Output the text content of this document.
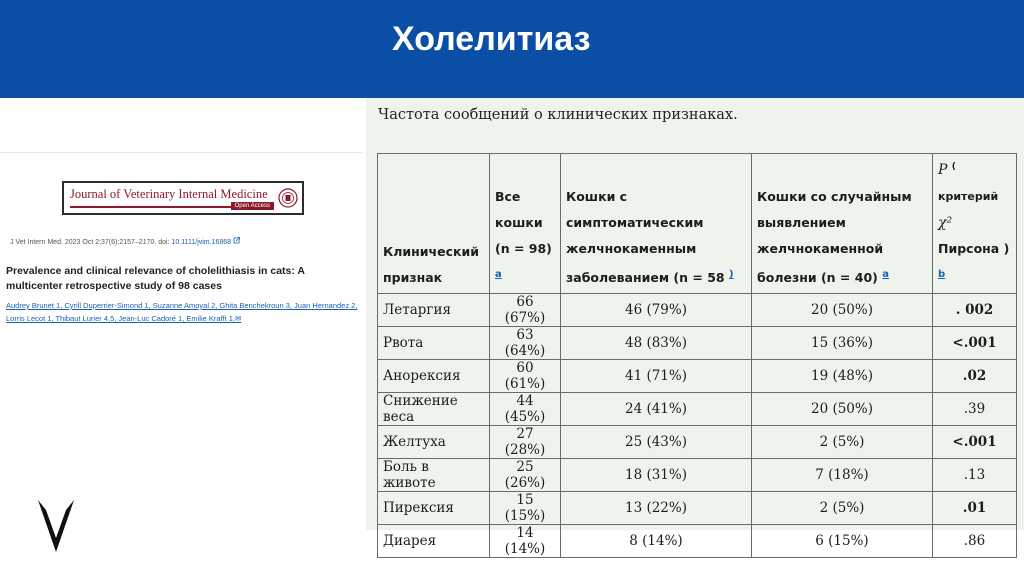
Холелитиаз
Journal of Veterinary Internal Medicine
Open Access
J Vet Intern Med. 2023 Oct 2;37(6):2157–2170. doi: 10.1111/jvim.16868
Prevalence and clinical relevance of cholelithiasis in cats: A multicenter retrospective study of 98 cases
Audrey Brunet 1, Cyrill Duperrier-Simond 1, Suzanne Amoyal 2, Ghita Benchekroun 3, Juan Hernandez 2, Lorris Lecot 1, Thibaut Lurier 4,5, Jean-Luc Cadoré 1, Emilie Krafft 1,✉
Частота сообщений о клинических признаках.
Клинический признак	Все кошки (n = 98) $^a$	Кошки с симптоматическим желчнокаменным заболеванием (n = 58 )	Кошки со случайным выявлением желчнокаменной болезни (n = 40) $^a$	P (
критерий χ²
Пирсона )
$^b$
Летаргия	66 (67%)	46 (79%)	20 (50%)	. 002
Рвота	63 (64%)	48 (83%)	15 (36%)	<.001
Анорексия	60 (61%)	41 (71%)	19 (48%)	.02
Снижение веса	44 (45%)	24 (41%)	20 (50%)	.39
Желтуха	27 (28%)	25 (43%)	2 (5%)	<.001
Боль в животе	25 (26%)	18 (31%)	7 (18%)	.13
Пирексия	15 (15%)	13 (22%)	2 (5%)	.01
Диарея	14 (14%)	8 (14%)	6 (15%)	.86
